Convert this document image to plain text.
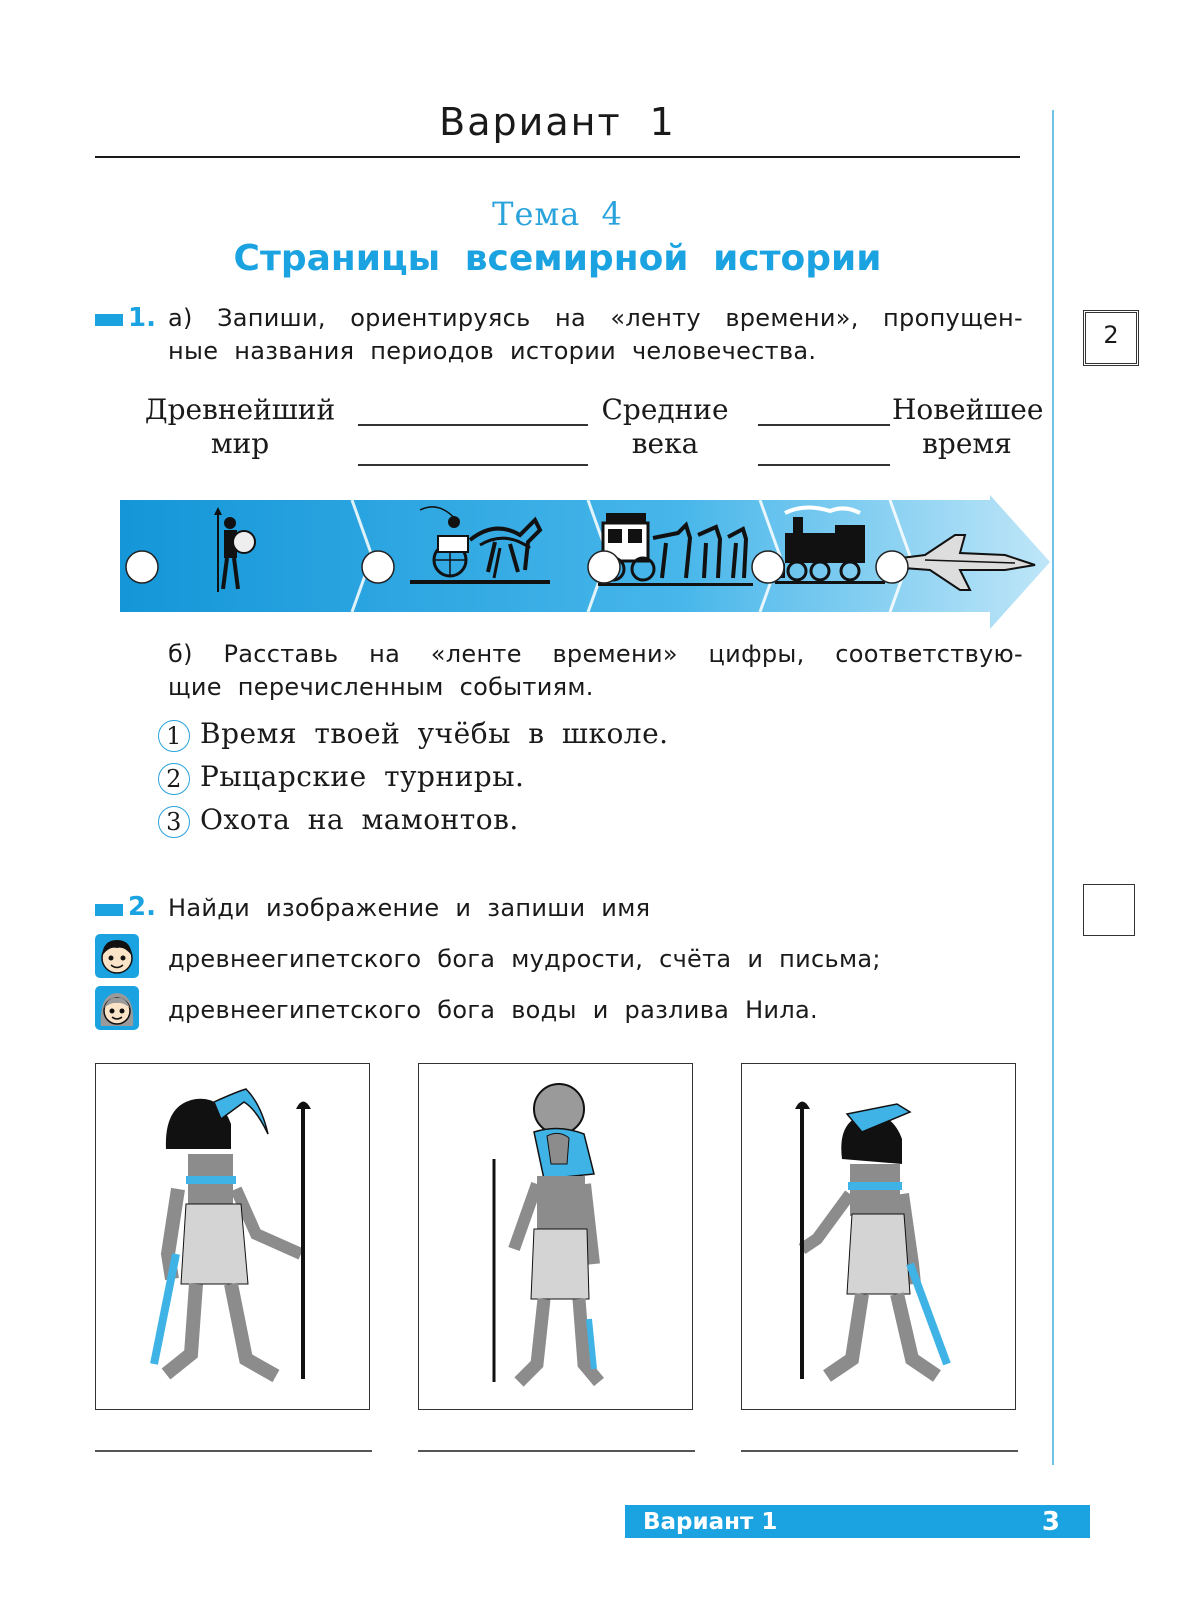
Вариант 1
Тема 4
Страницы всемирной истории
1. а) Запиши, ориентируясь на «ленту времени», пропущен-
ные названия периодов истории человечества.
2
Древнейший
мир
Средние
века
Новейшее
время
б) Расставь на «ленте времени» цифры, соответствую-
щие перечисленным событиям.
1 Время твоей учёбы в школе.
2 Рыцарские турниры.
3 Охота на мамонтов.
2. Найди изображение и запиши имя
древнеегипетского бога мудрости, счёта и письма;
древнеегипетского бога воды и разлива Нила.
Вариант 1	3
